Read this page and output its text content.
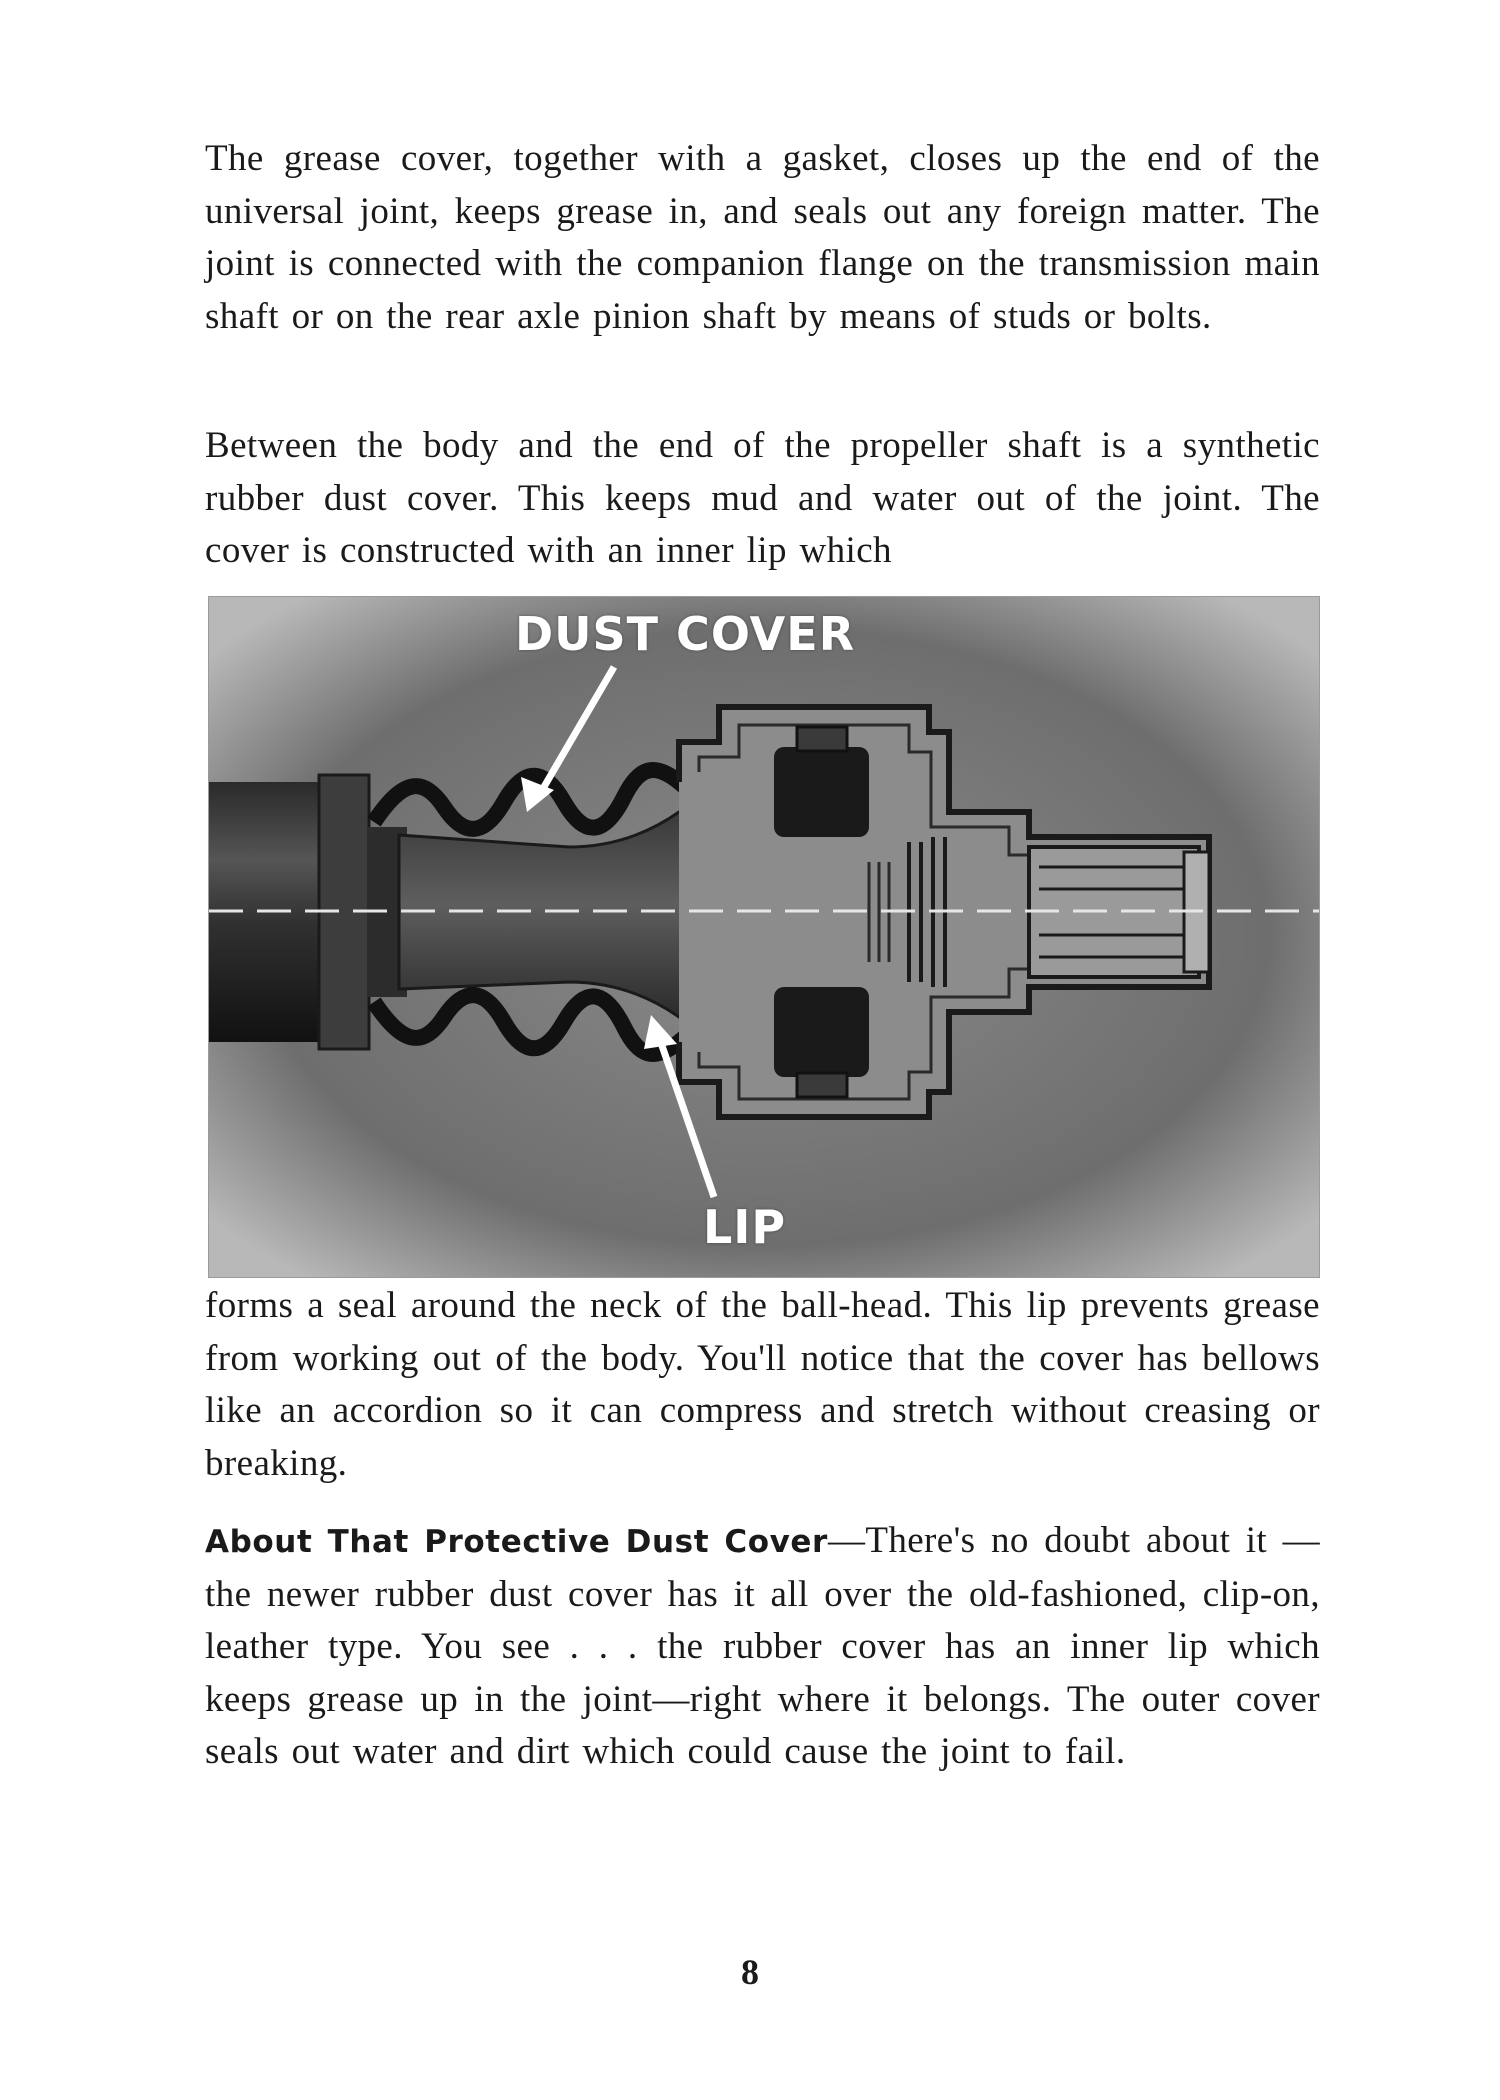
The grease cover, together with a gasket, closes up the end of the universal joint, keeps grease in, and seals out any foreign matter. The joint is connected with the companion flange on the transmission main shaft or on the rear axle pinion shaft by means of studs or bolts.

Between the body and the end of the propeller shaft is a synthetic rubber dust cover. This keeps mud and water out of the joint. The cover is constructed with an inner lip which

DUST COVER
LIP

forms a seal around the neck of the ball-head. This lip prevents grease from working out of the body. You'll notice that the cover has bellows like an accordion so it can compress and stretch without creasing or breaking.

About That Protective Dust Cover—There's no doubt about it —the newer rubber dust cover has it all over the old-fashioned, clip-on, leather type. You see . . . the rubber cover has an inner lip which keeps grease up in the joint—right where it belongs. The outer cover seals out water and dirt which could cause the joint to fail.

8
